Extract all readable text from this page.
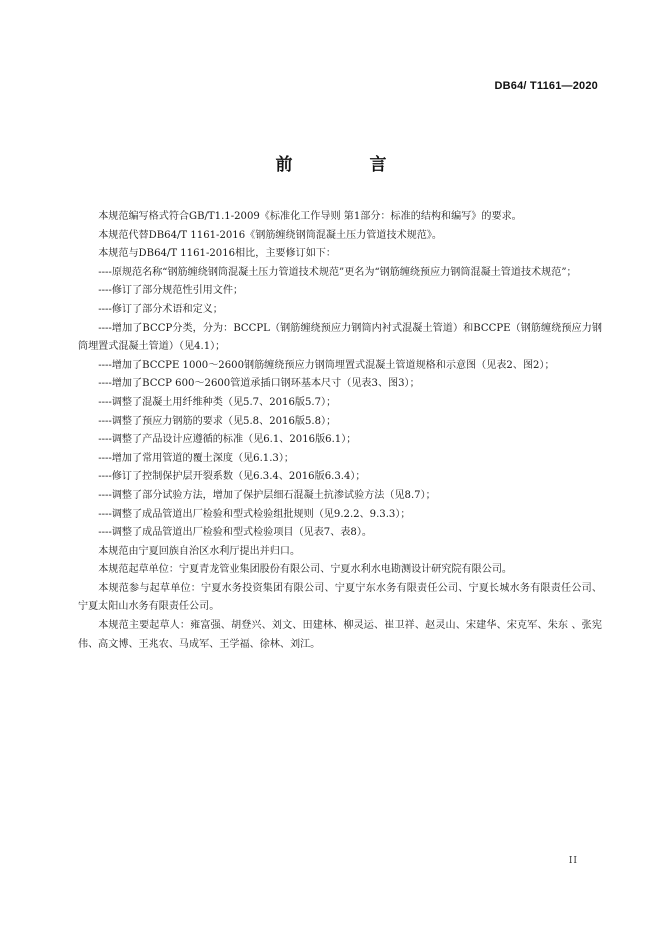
DB64/ T1161—2020
前　言

本规范编写格式符合GB/T1.1-2009《标准化工作导则 第1部分：标准的结构和编写》的要求。

本规范代替DB64/T 1161-2016《钢筋缠绕钢筒混凝土压力管道技术规范》。

本规范与DB64/T 1161-2016相比，主要修订如下：

----原规范名称“钢筋缠绕钢筒混凝土压力管道技术规范”更名为“钢筋缠绕预应力钢筒混凝土管道技术规范”；

----修订了部分规范性引用文件；

----修订了部分术语和定义；

----增加了BCCP分类，分为：BCCPL（钢筋缠绕预应力钢筒内衬式混凝土管道）和BCCPE（钢筋缠绕预应力钢筒埋置式混凝土管道）（见4.1）；

----增加了BCCPE 1000～2600钢筋缠绕预应力钢筒埋置式混凝土管道规格和示意图（见表2、图2）；

----增加了BCCP 600～2600管道承插口钢环基本尺寸（见表3、图3）；

----调整了混凝土用纤维种类（见5.7、2016版5.7）；

----调整了预应力钢筋的要求（见5.8、2016版5.8）；

----调整了产品设计应遵循的标准（见6.1、2016版6.1）；

----增加了常用管道的覆土深度（见6.1.3）；

----修订了控制保护层开裂系数（见6.3.4、2016版6.3.4）；

----调整了部分试验方法，增加了保护层细石混凝土抗渗试验方法（见8.7）；

----调整了成品管道出厂检验和型式检验组批规则（见9.2.2、9.3.3）；

----调整了成品管道出厂检验和型式检验项目（见表7、表8）。

本规范由宁夏回族自治区水利厅提出并归口。

本规范起草单位：宁夏青龙管业集团股份有限公司、宁夏水利水电勘测设计研究院有限公司。

本规范参与起草单位：宁夏水务投资集团有限公司、宁夏宁东水务有限责任公司、宁夏长城水务有限责任公司、宁夏太阳山水务有限责任公司。

本规范主要起草人：雍富强、胡登兴、刘文、田建林、柳灵运、崔卫祥、赵灵山、宋建华、宋克军、朱东 、张宪伟、高文博、王兆农、马成军、王学福、徐林、刘江。

II
